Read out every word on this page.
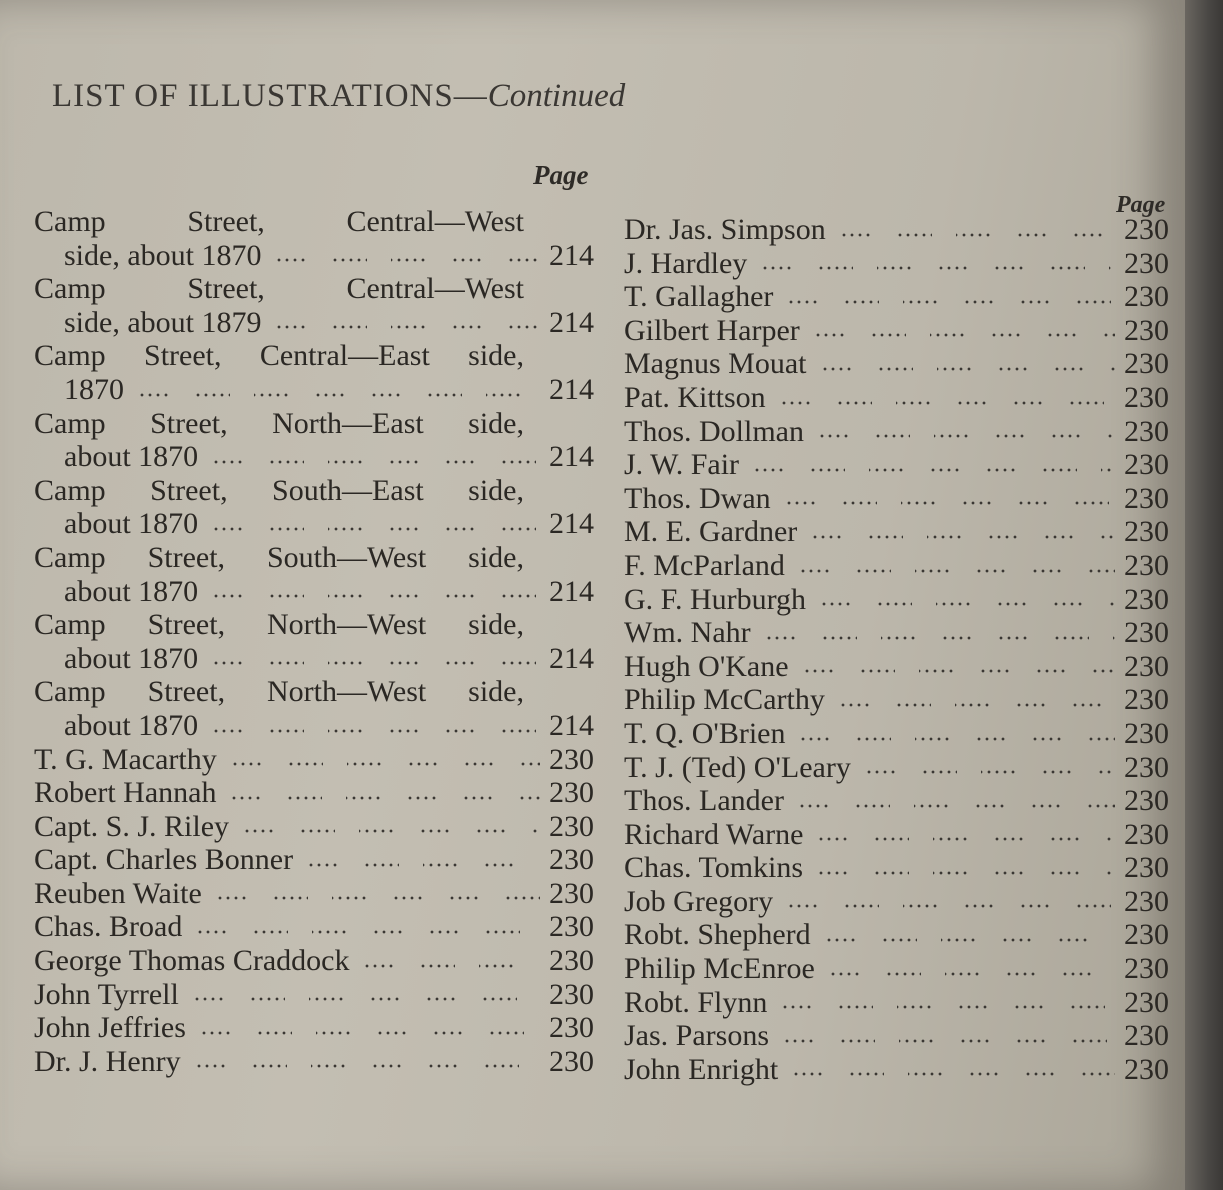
LIST OF ILLUSTRATIONS—Continued
Page
Page
Camp	Street,	Central—West
side, about 1870	214
Camp	Street,	Central—West
side, about 1879	214
Camp Street, Central—East side,
1870	214
Camp Street, North—East side,
about 1870	214
Camp Street, South—East side,
about 1870	214
Camp Street, South—West side,
about 1870	214
Camp Street, North—West side,
about 1870	214
Camp Street, North—West side,
about 1870	214
T. G. Macarthy	230
Robert Hannah	230
Capt. S. J. Riley	230
Capt. Charles Bonner	230
Reuben Waite	230
Chas. Broad	230
George Thomas Craddock	230
John Tyrrell	230
John Jeffries	230
Dr. J. Henry	230
Dr. Jas. Simpson	230
J. Hardley	230
T. Gallagher	230
Gilbert Harper	230
Magnus Mouat	230
Pat. Kittson	230
Thos. Dollman	230
J. W. Fair	230
Thos. Dwan	230
M. E. Gardner	230
F. McParland	230
G. F. Hurburgh	230
Wm. Nahr	230
Hugh O'Kane	230
Philip McCarthy	230
T. Q. O'Brien	230
T. J. (Ted) O'Leary	230
Thos. Lander	230
Richard Warne	230
Chas. Tomkins	230
Job Gregory	230
Robt. Shepherd	230
Philip McEnroe	230
Robt. Flynn	230
Jas. Parsons	230
John Enright	230
